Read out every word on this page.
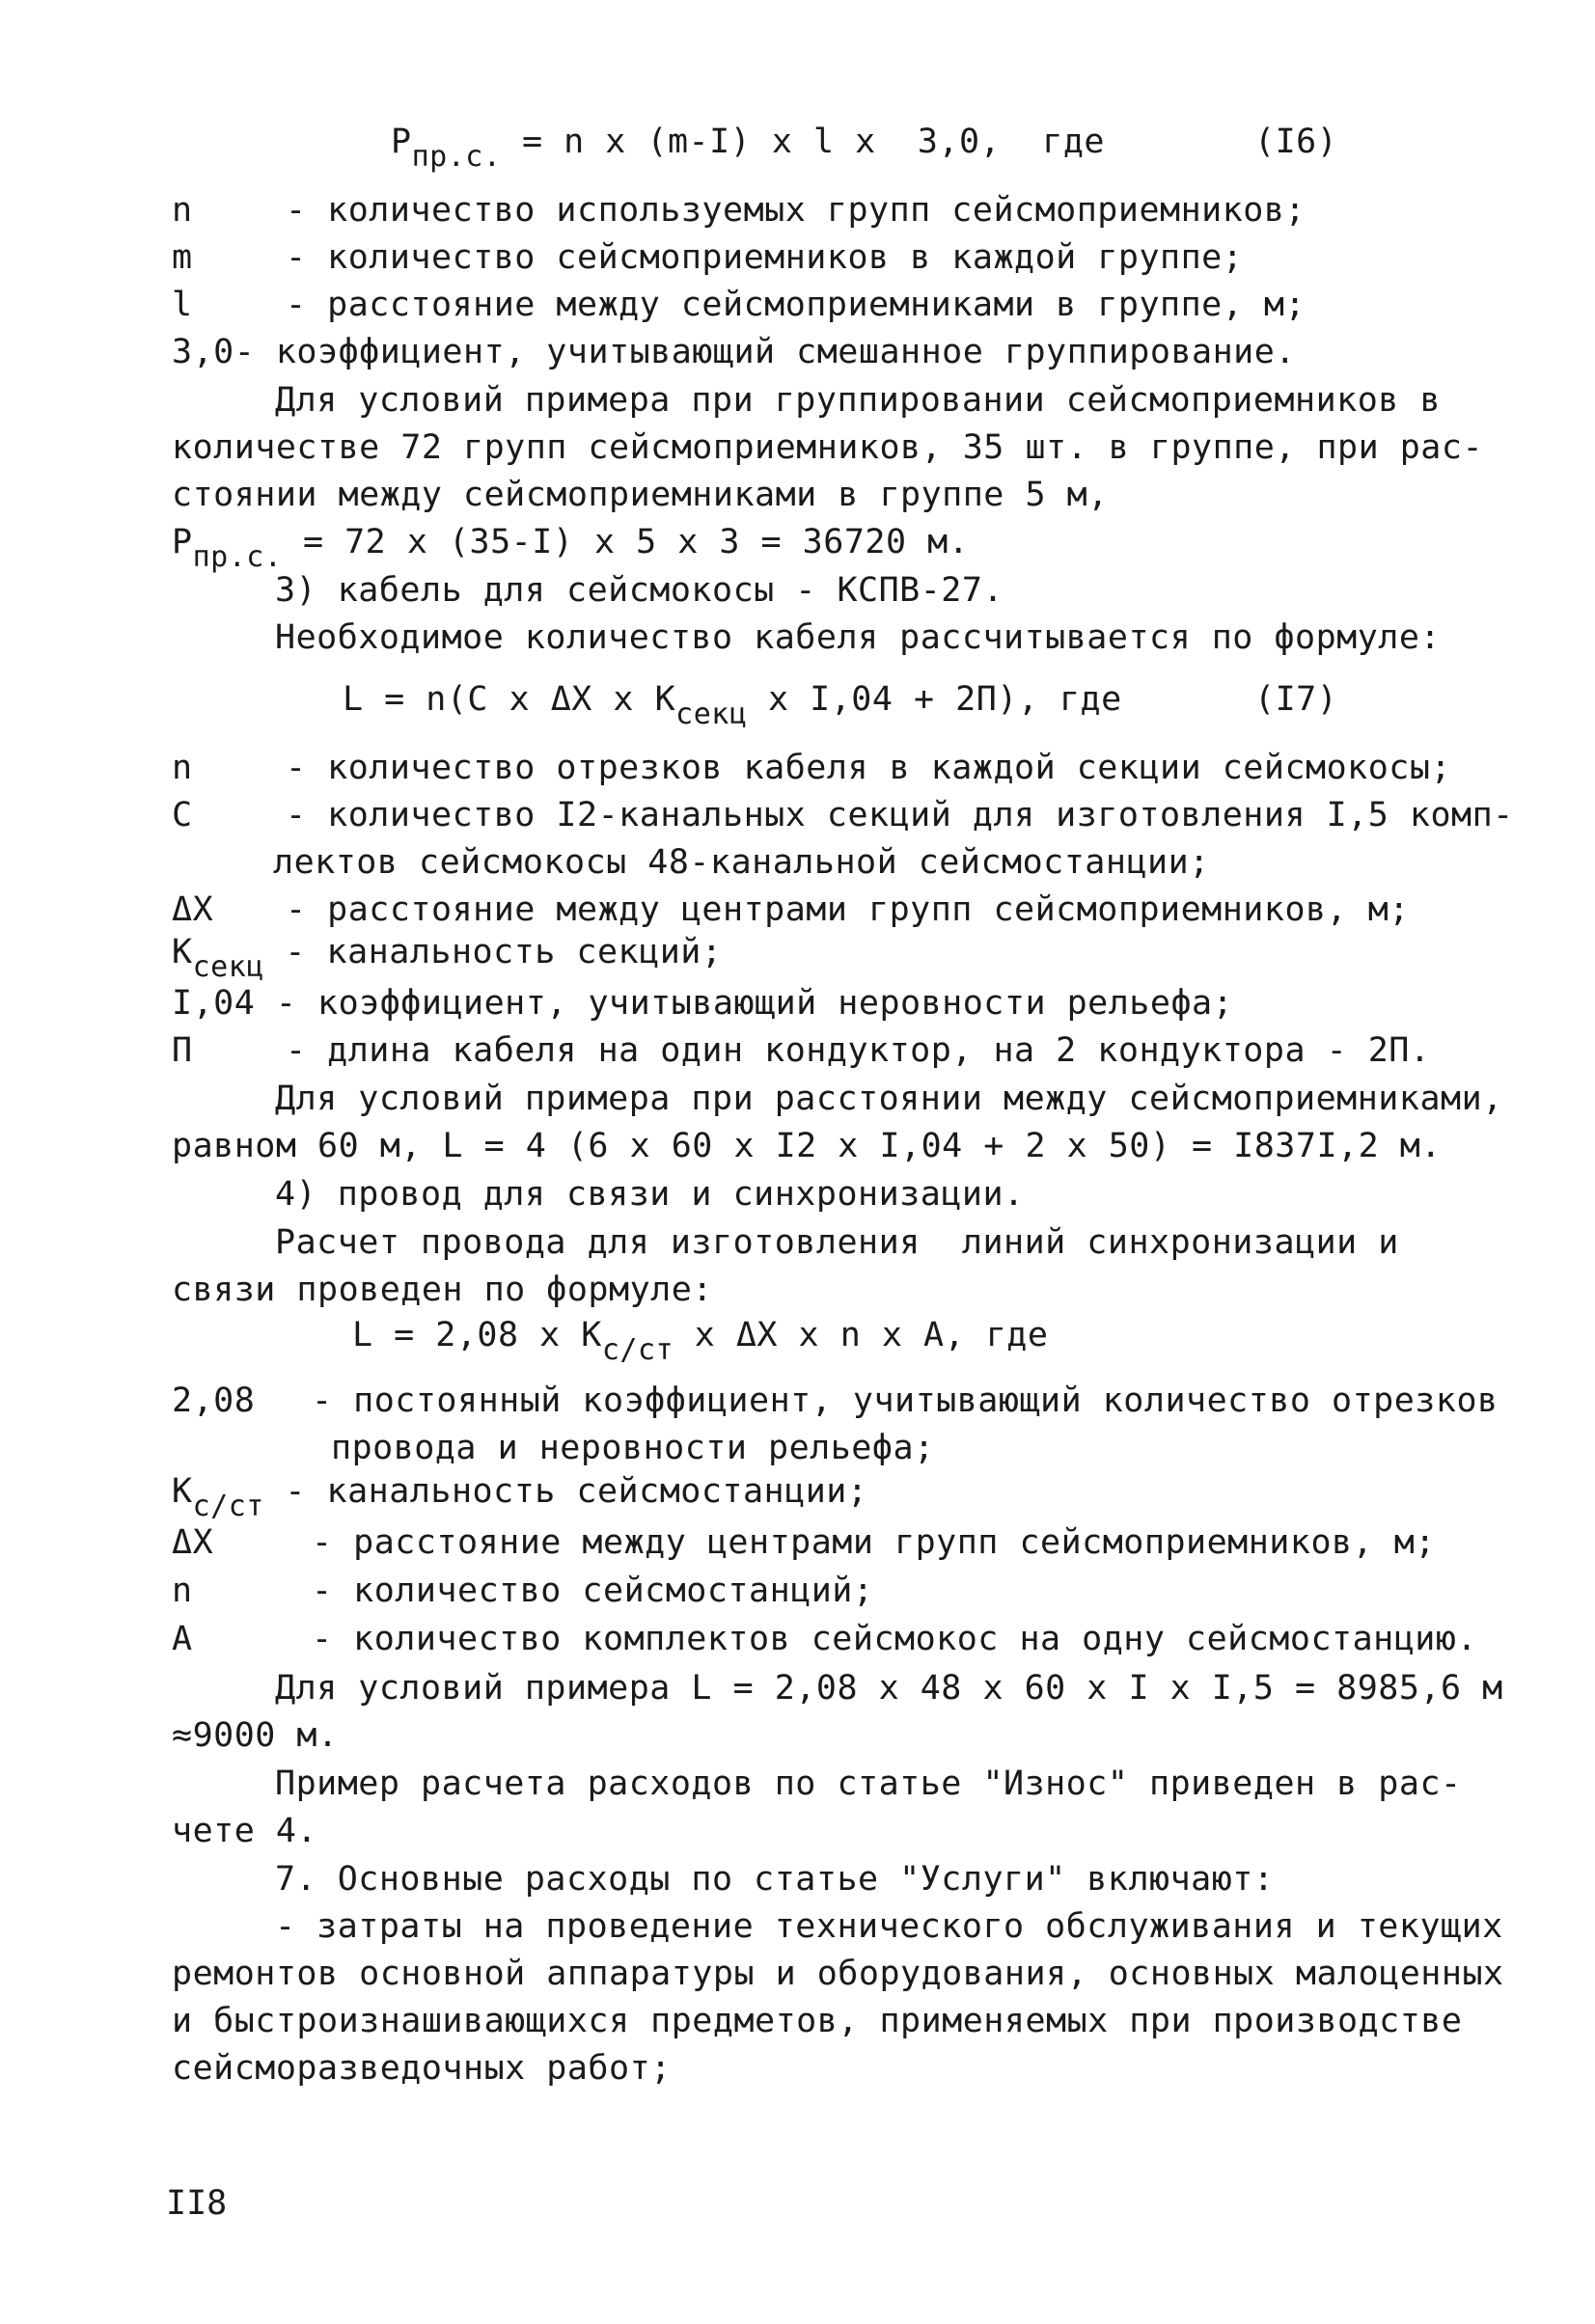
Pпр.с. = n x (m-I) x l x  3,0,  где	(I6)
n	- количество используемых групп сейсмоприемников;
m	- количество сейсмоприемников в каждой группе;
l	- расстояние между сейсмоприемниками в группе, м;
3,0- коэффициент, учитывающий смешанное группирование.
Для условий примера при группировании сейсмоприемников в
количестве 72 групп сейсмоприемников, 35 шт. в группе, при рас-
стоянии между сейсмоприемниками в группе 5 м,
Pпр.с. = 72 x (35-I) x 5 x 3 = 36720 м.
3) кабель для сейсмокосы - КСПВ-27.
Необходимое количество кабеля рассчитывается по формуле:
L = n(C x ΔX x Kсекц x I,04 + 2П), где	(I7)
n	- количество отрезков кабеля в каждой секции сейсмокосы;
C	- количество I2-канальных секций для изготовления I,5 комп-
лектов сейсмокосы 48-канальной сейсмостанции;
ΔX - расстояние между центрами групп сейсмоприемников, м;
Kсекц - канальность секций;
I,04 - коэффициент, учитывающий неровности рельефа;
П	- длина кабеля на один кондуктор, на 2 кондуктора - 2П.
Для условий примера при расстоянии между сейсмоприемниками,
равном 60 м, L = 4 (6 x 60 x I2 x I,04 + 2 x 50) = I837I,2 м.
4) провод для связи и синхронизации.
Расчет провода для изготовления  линий синхронизации и
связи проведен по формуле:
L = 2,08 x Kс/ст x ΔX x n x A, где
2,08 - постоянный коэффициент, учитывающий количество отрезков
провода и неровности рельефа;
Kс/ст - канальность сейсмостанции;
ΔX	- расстояние между центрами групп сейсмоприемников, м;
n	- количество сейсмостанций;
A	- количество комплектов сейсмокос на одну сейсмостанцию.
Для условий примера L = 2,08 x 48 x 60 x I x I,5 = 8985,6 м
≈9000 м.
Пример расчета расходов по статье "Износ" приведен в рас-
чете 4.
7. Основные расходы по статье "Услуги" включают:
- затраты на проведение технического обслуживания и текущих
ремонтов основной аппаратуры и оборудования, основных малоценных
и быстроизнашивающихся предметов, применяемых при производстве
сейсморазведочных работ;
II8
